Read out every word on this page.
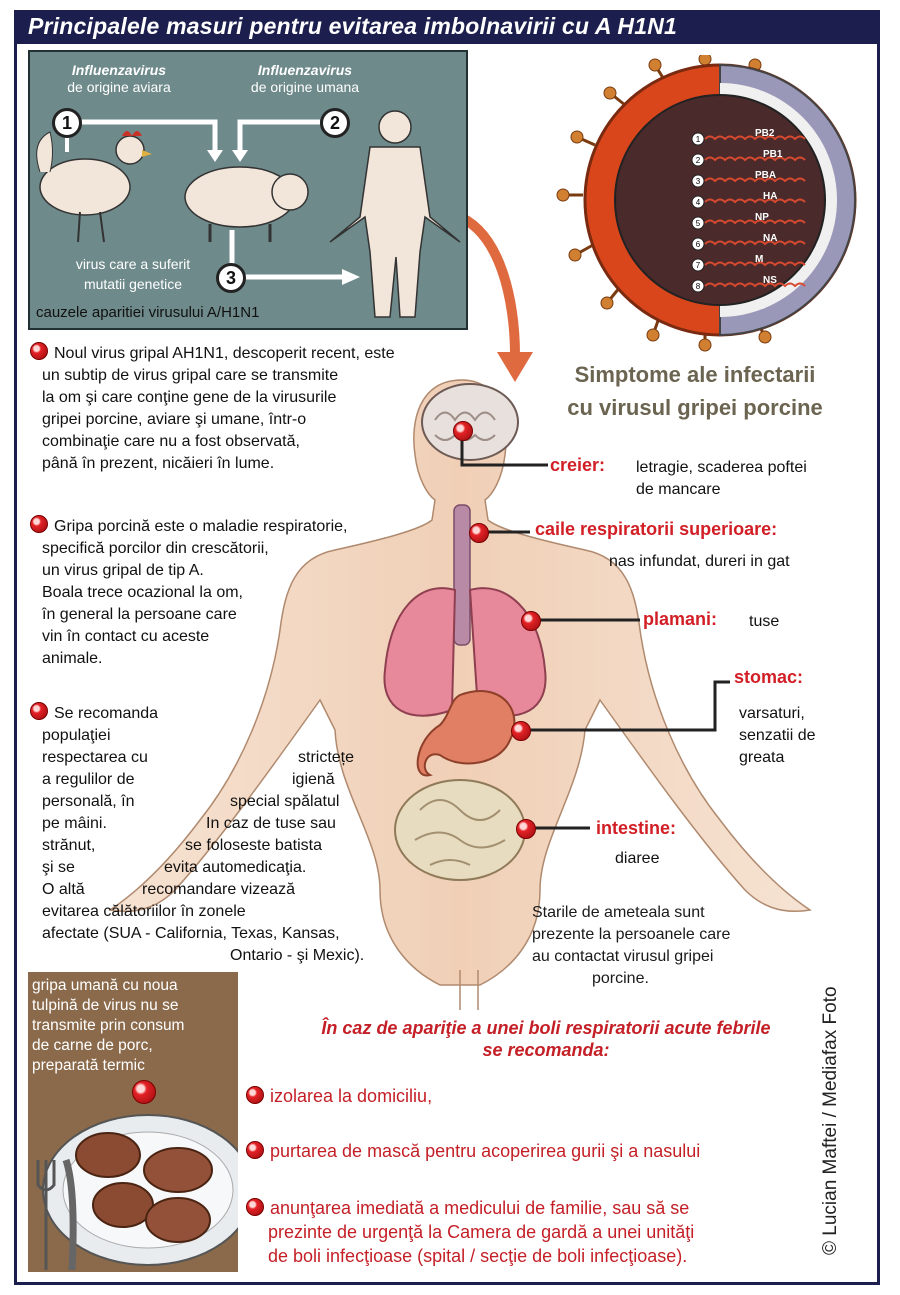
Principalele masuri pentru evitarea imbolnavirii cu A H1N1
Influenzavirus
de origine aviara
Influenzavirus
de origine umana
1	2
3
virus care a suferit
mutatii genetice
cauzele aparitiei virusului A/H1N1
1
PB2
2
PB1
3
PBA
4
HA
5
NP
6
NA
7
M
8
NS
Noul virus gripal AH1N1, descoperit recent, este
un subtip de virus gripal care se transmite
la om şi care conţine gene de la virusurile
gripei porcine, aviare şi umane, într-o
combinaţie care nu a fost observată,
până în prezent, nicăieri în lume.
Gripa porcină este o maladie respiratorie,
specifică porcilor din crescătorii,
un virus gripal de tip A.
Boala trece ocazional la om,
în general la persoane care
vin în contact cu aceste
animale.
Se recomanda
populaţiei
respectarea cu	strictețe
a regulilor de	igienă
personală, în	special spălatul
pe mâini.	In caz de tuse sau
strănut,	se foloseste batista
şi se	evita automedicaţia.
O altă	recomandare vizează
evitarea călătoriilor în zonele
afectate (SUA - California, Texas, Kansas,
Ontario - şi Mexic).
Simptome ale infectarii
cu virusul gripei porcine
creier: letragie, scaderea poftei
de mancare
caile respiratorii superioare:
nas infundat, dureri in gat
plamani: tuse
stomac:
varsaturi,
senzatii de
greata
intestine:
diaree
Starile de ameteala sunt
prezente la persoanele care
au contactat virusul gripei
porcine.
gripa umană cu noua
tulpină de virus nu se
transmite prin consum
de carne de porc,
preparată termic
În caz de apariţie a unei boli respiratorii acute febrile
se recomanda:
izolarea la domiciliu,
purtarea de mască pentru acoperirea gurii şi a nasului
anunţarea imediată a medicului de familie, sau să se
prezinte de urgenţă la Camera de gardă a unei unităţi
de boli infecţioase (spital / secţie de boli infecţioase).
© Lucian Maftei / Mediafax Foto
